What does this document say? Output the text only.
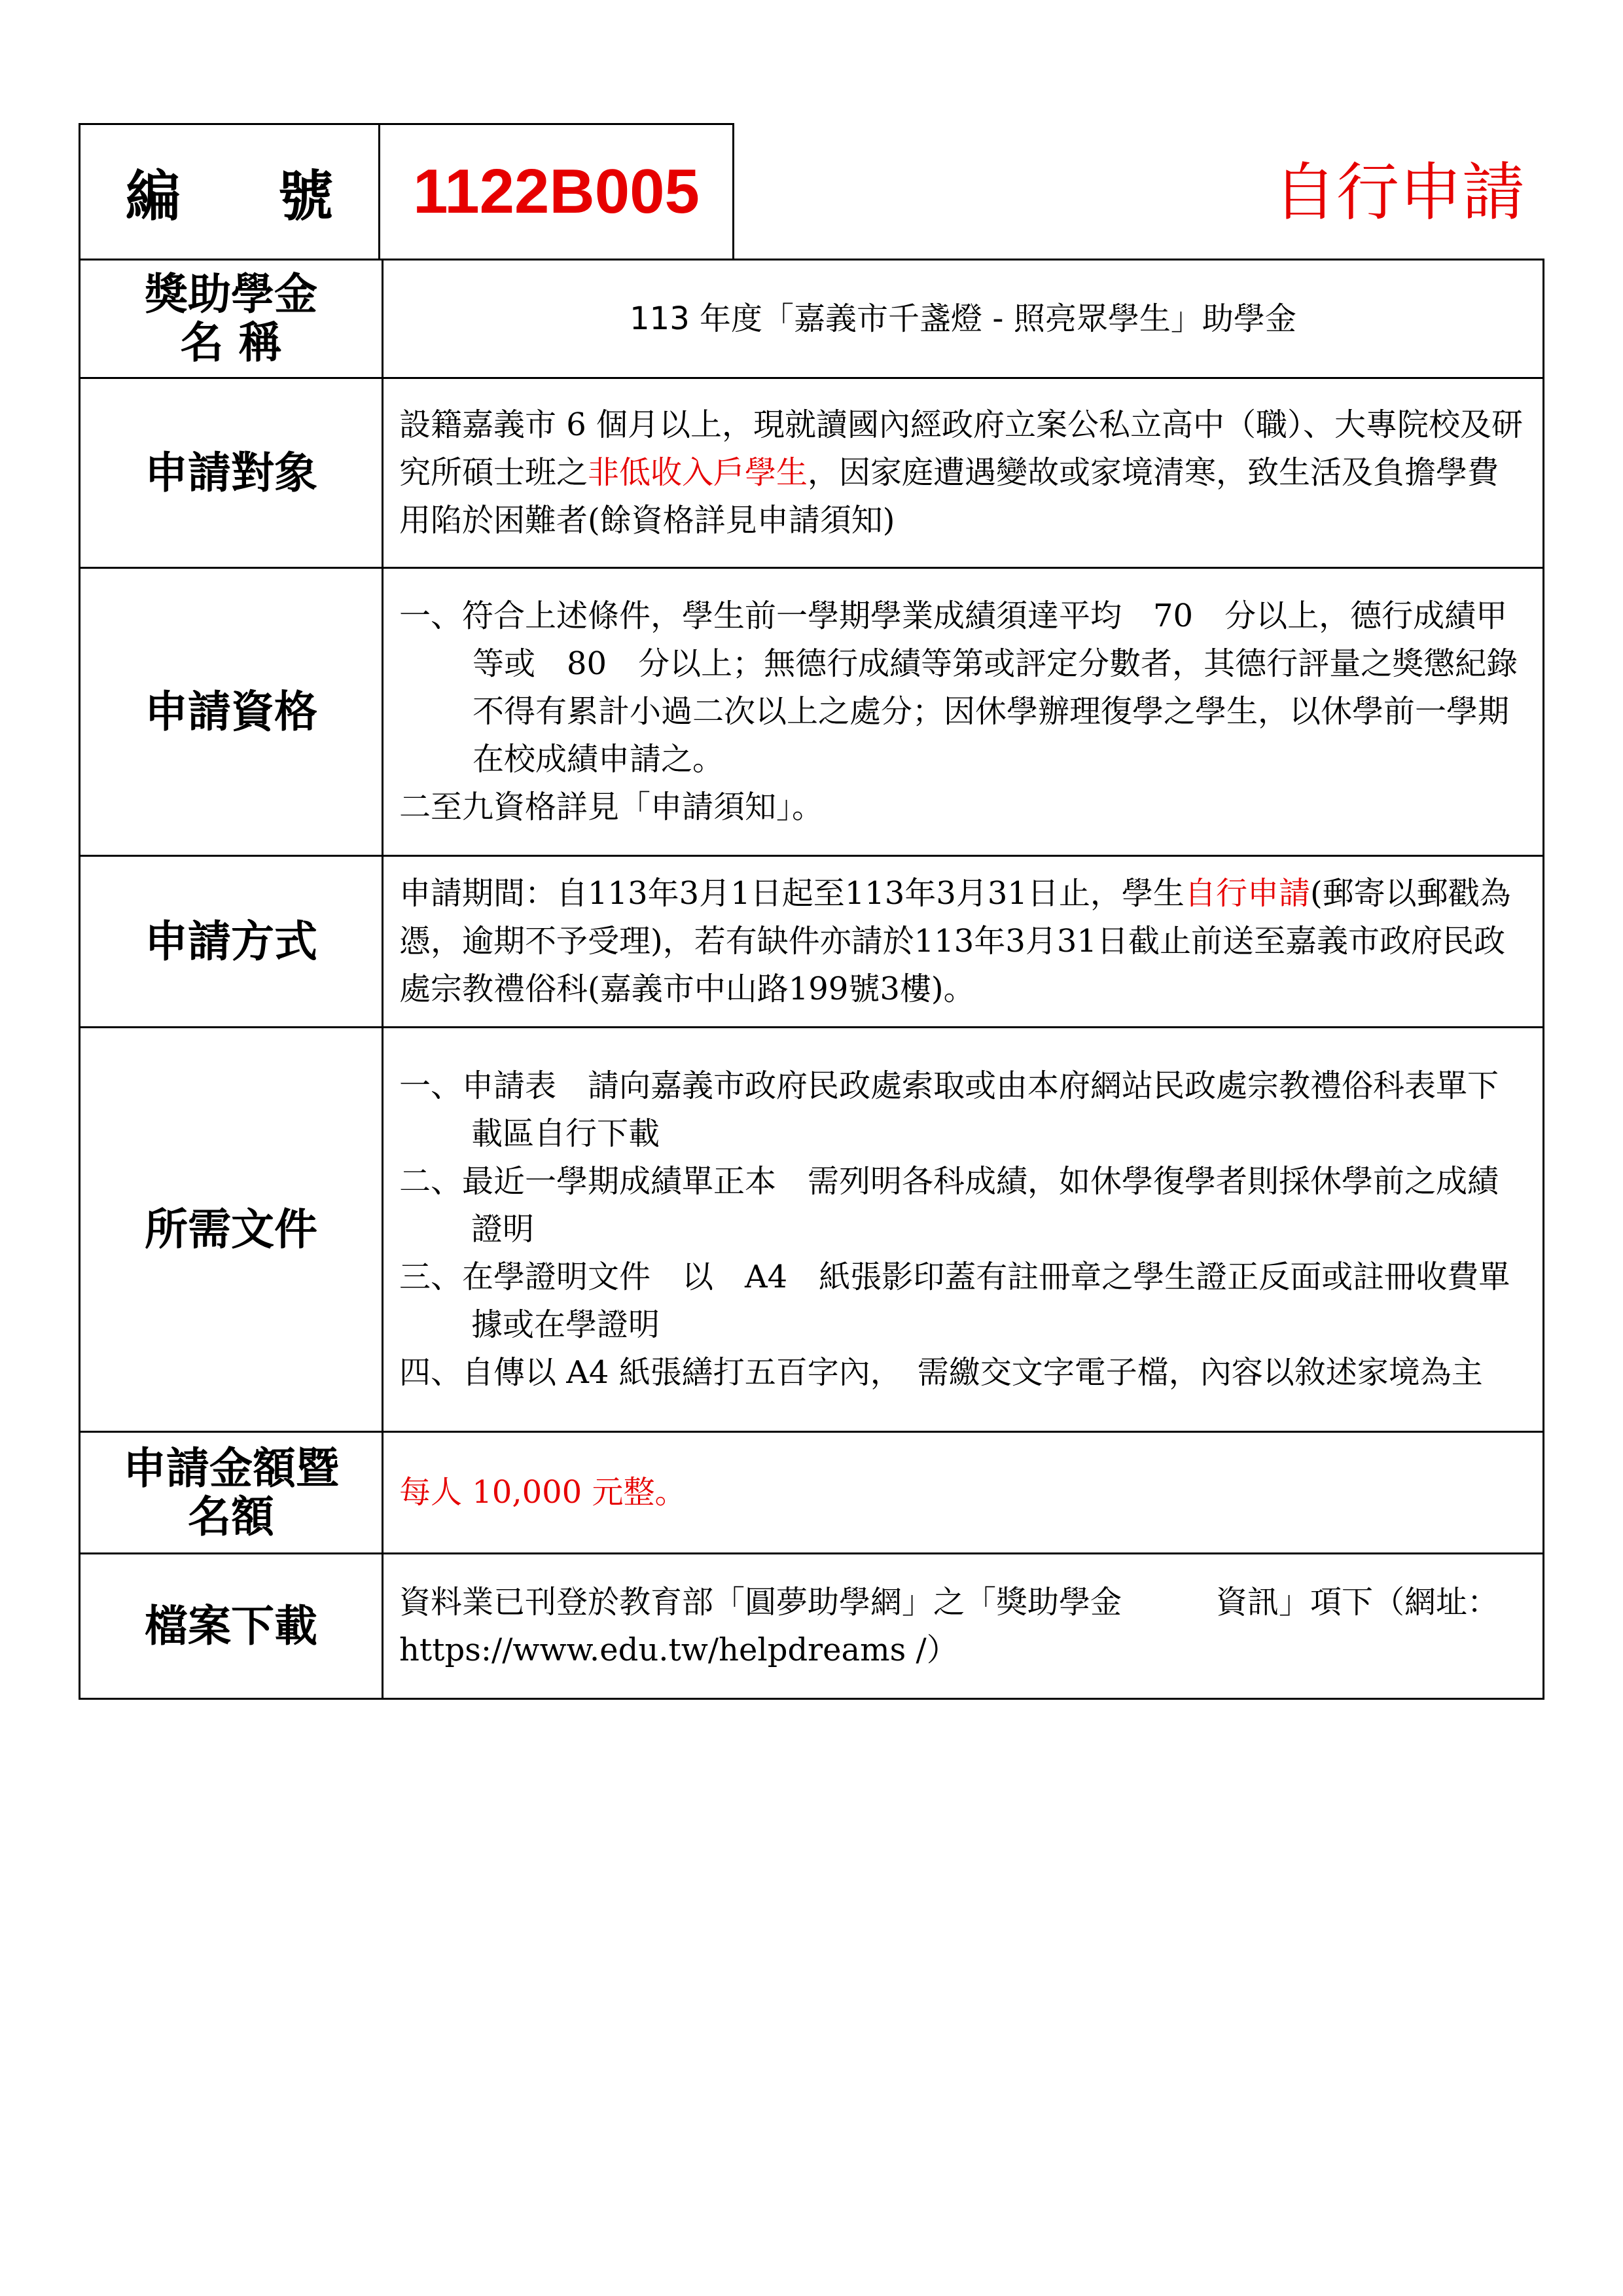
編 號 1122B005	自行申請
獎助學金
名 稱	113 年度「嘉義市千盞燈 - 照亮眾學生」助學金
申請對象	設籍嘉義市 6 個月以上，現就讀國內經政府立案公私立高中（職）、大專院校及研究所碩士班之非低收入戶學生，因家庭遭遇變故或家境清寒，致生活及負擔學費用陷於困難者(餘資格詳見申請須知)
申請資格	一、符合上述條件，學生前一學期學業成績須達平均　70　分以上，德行成績甲等或　80　分以上；無德行成績等第或評定分數者，其德行評量之獎懲紀錄不得有累計小過二次以上之處分；因休學辦理復學之學生，以休學前一學期在校成績申請之。
二至九資格詳見「申請須知」。

申請方式	申請期間：自113年3月1日起至113年3月31日止，學生自行申請(郵寄以郵戳為憑，逾期不予受理)，若有缺件亦請於113年3月31日截止前送至嘉義市政府民政處宗教禮俗科(嘉義市中山路199號3樓)。
所需文件	一、申請表　請向嘉義市政府民政處索取或由本府網站民政處宗教禮俗科表單下載區自行下載
二、最近一學期成績單正本　需列明各科成績，如休學復學者則採休學前之成績證明
三、在學證明文件　以　A4　紙張影印蓋有註冊章之學生證正反面或註冊收費單據或在學證明
四、自傳以 A4 紙張繕打五百字內，　需繳交文字電子檔，內容以敘述家境為主

申請金額暨
名額	每人 10,000 元整。
檔案下載	資料業已刊登於教育部「圓夢助學網」之「獎助學金　　　資訊」項下（網址：https://www.edu.tw/helpdreams /）
